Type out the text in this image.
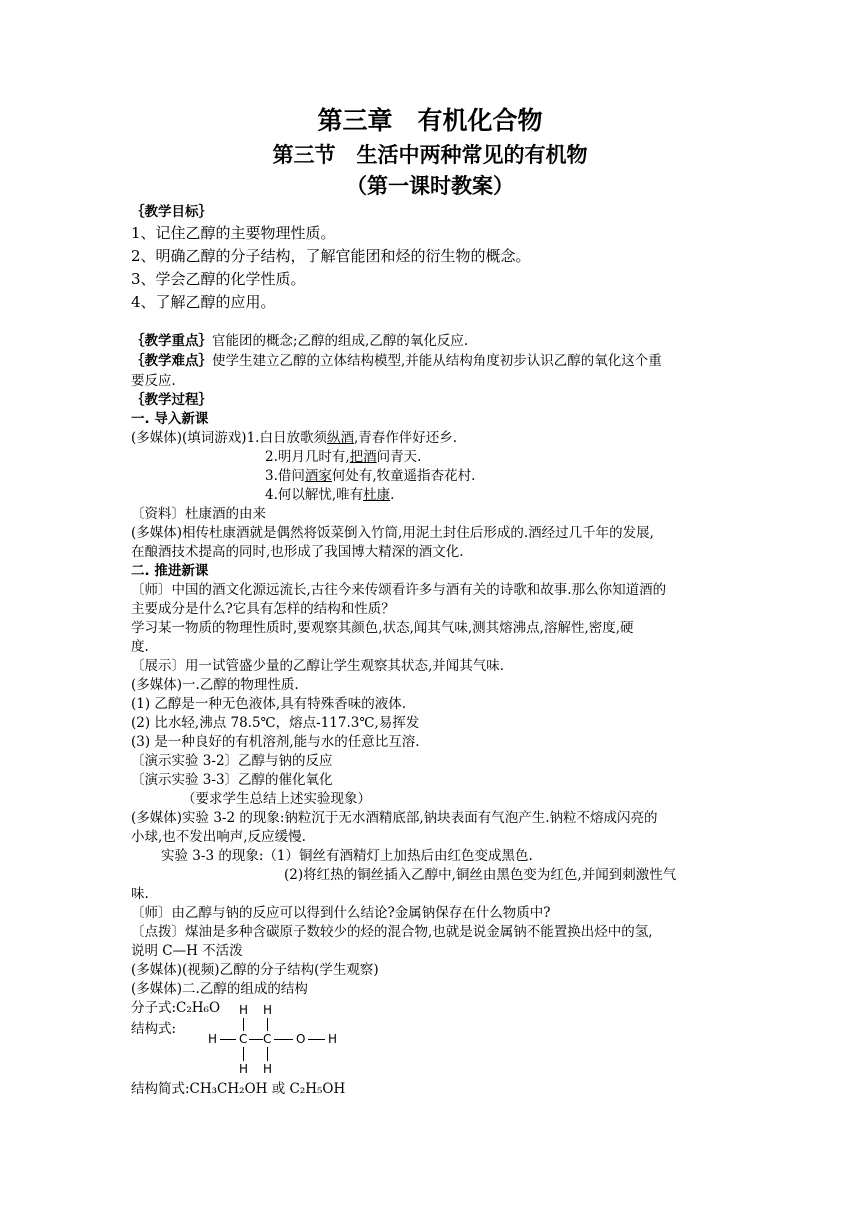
第三章　有机化合物
第三节　生活中两种常见的有机物
（第一课时教案）
｛教学目标｝
1、记住乙醇的主要物理性质。
2、明确乙醇的分子结构，了解官能团和烃的衍生物的概念。
3、学会乙醇的化学性质。
4、了解乙醇的应用。
｛教学重点｝官能团的概念;乙醇的组成,乙醇的氧化反应.
｛教学难点｝使学生建立乙醇的立体结构模型,并能从结构角度初步认识乙醇的氧化这个重
要反应.
｛教学过程｝
一. 导入新课
(多媒体)(填词游戏)1.白日放歌须纵酒,青春作伴好还乡.
2.明月几时有,把酒问青天.
3.借问酒家何处有,牧童遥指杏花村.
4.何以解忧,唯有杜康.
〔资料〕杜康酒的由来
(多媒体)相传杜康酒就是偶然将饭菜倒入竹筒,用泥土封住后形成的.酒经过几千年的发展,
在酿酒技术提高的同时,也形成了我国博大精深的酒文化.
二. 推进新课
〔师〕中国的酒文化源远流长,古往今来传颂看许多与酒有关的诗歌和故事.那么你知道酒的
主要成分是什么?它具有怎样的结构和性质？
学习某一物质的物理性质时,要观察其颜色,状态,闻其气味,测其熔沸点,溶解性,密度,硬
度.
〔展示〕用一试管盛少量的乙醇让学生观察其状态,并闻其气味.
(多媒体)一.乙醇的物理性质.
(1) 乙醇是一种无色液体,具有特殊香味的液体.
(2) 比水轻,沸点 78.5℃，熔点-117.3℃,易挥发
(3) 是一种良好的有机溶剂,能与水的任意比互溶.
〔演示实验 3-2〕乙醇与钠的反应
〔演示实验 3-3〕乙醇的催化氧化
（要求学生总结上述实验现象）
(多媒体)实验 3-2 的现象:钠粒沉于无水酒精底部,钠块表面有气泡产生.钠粒不熔成闪亮的
小球,也不发出响声,反应缓慢.
实验 3-3 的现象:（1）铜丝有酒精灯上加热后由红色变成黑色.
(2)将红热的铜丝插入乙醇中,铜丝由黑色变为红色,并闻到刺激性气
味.
〔师〕由乙醇与钠的反应可以得到什么结论?金属钠保存在什么物质中?
〔点拨〕煤油是多种含碳原子数较少的烃的混合物,也就是说金属钠不能置换出烃中的氢,
说明 C—H 不活泼
(多媒体)(视频)乙醇的分子结构(学生观察)
(多媒体)二.乙醇的组成的结构
分子式:C₂H₆O
结构式:
H H
H C C O H
H H
结构简式:CH₃CH₂OH 或 C₂H₅OH
